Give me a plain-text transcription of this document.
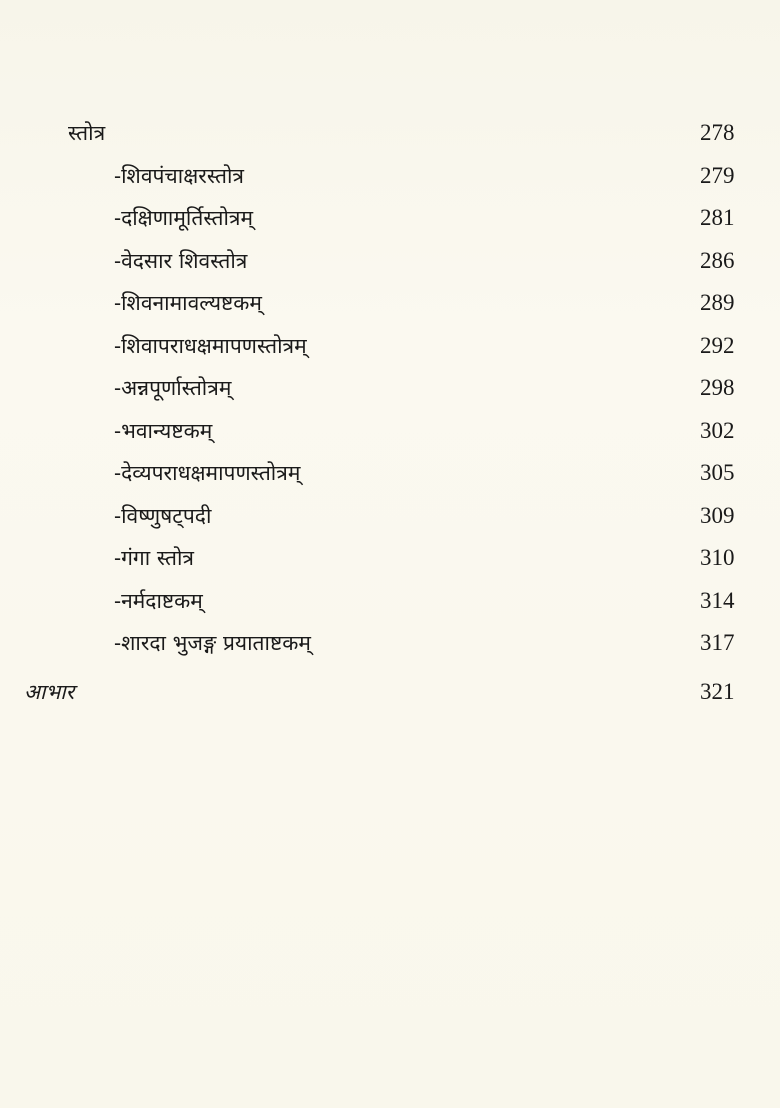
स्तोत्र	278
-शिवपंचाक्षरस्तोत्र	279
-दक्षिणामूर्तिस्तोत्रम्	281
-वेदसार शिवस्तोत्र	286
-शिवनामावल्यष्टकम्	289
-शिवापराधक्षमापणस्तोत्रम्	292
-अन्नपूर्णास्तोत्रम्	298
-भवान्यष्टकम्	302
-देव्यपराधक्षमापणस्तोत्रम्	305
-विष्णुषट्पदी	309
-गंगा स्तोत्र	310
-नर्मदाष्टकम्	314
-शारदा भुजङ्ग प्रयाताष्टकम्	317
आभार	321
